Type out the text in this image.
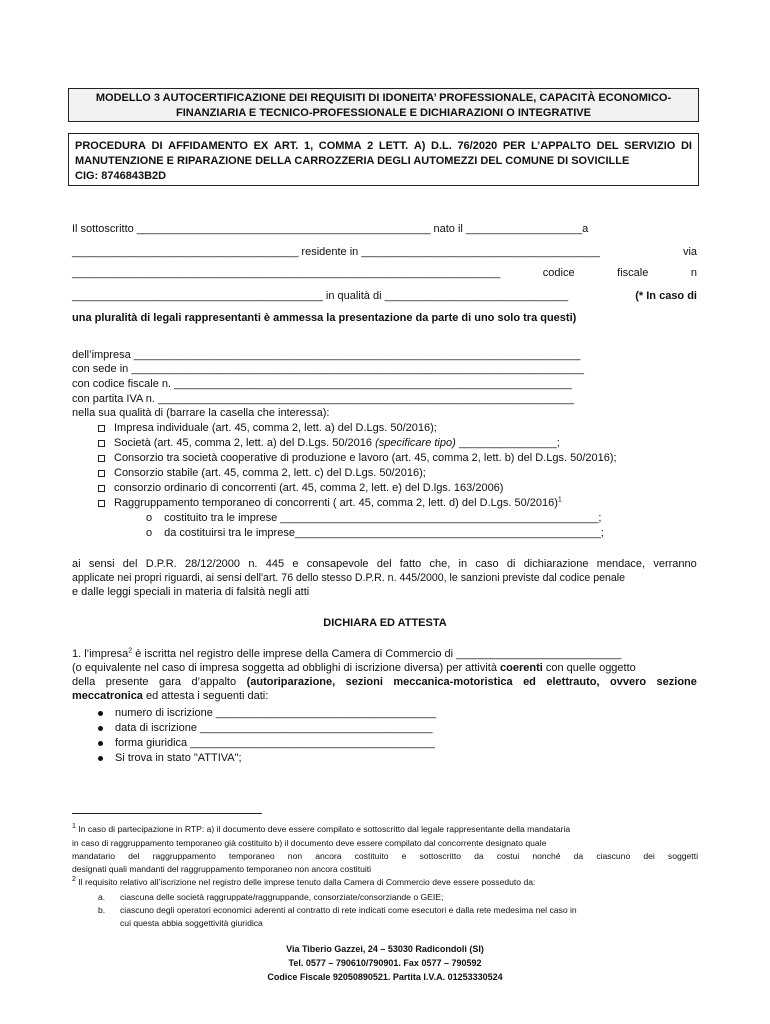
MODELLO 3 AUTOCERTIFICAZIONE DEI REQUISITI DI IDONEITA’ PROFESSIONALE, CAPACITÀ ECONOMICO-
FINANZIARIA E TECNICO-PROFESSIONALE E DICHIARAZIONI O INTEGRATIVE
PROCEDURA DI AFFIDAMENTO EX ART. 1, COMMA 2 LETT. A) D.L. 76/2020 PER L’APPALTO DEL SERVIZIO DI
MANUTENZIONE E RIPARAZIONE DELLA CARROZZERIA DEGLI AUTOMEZZI DEL COMUNE DI SOVICILLE
CIG: 8746843B2D
Il sottoscritto ________________________________________________ nato il ___________________a
_____________________________________ residente in _______________________________________	via
______________________________________________________________________	codice	fiscale	n
_________________________________________ in qualità di ______________________________	(* In caso di
una pluralità di legali rappresentanti è ammessa la presentazione da parte di uno solo tra questi)
dell’impresa _________________________________________________________________________
con sede in __________________________________________________________________________
con codice fiscale n. _________________________________________________________________
con partita IVA n. ____________________________________________________________________
nella sua qualità di (barrare la casella che interessa):
Impresa individuale (art. 45, comma 2, lett. a) del D.Lgs. 50/2016);
Società (art. 45, comma 2, lett. a) del D.Lgs. 50/2016 (specificare tipo) ________________;
Consorzio tra società cooperative di produzione e lavoro (art. 45, comma 2, lett. b) del D.Lgs. 50/2016);
Consorzio stabile (art. 45, comma 2, lett. c) del D.Lgs. 50/2016);
consorzio ordinario di concorrenti (art. 45, comma 2, lett. e) del D.lgs. 163/2006)
Raggruppamento temporaneo di concorrenti ( art. 45, comma 2, lett. d) del D.Lgs. 50/2016)$^1$
o costituito tra le imprese ____________________________________________________;
o da costituirsi tra le imprese__________________________________________________;
ai sensi del D.P.R. 28/12/2000 n. 445 e consapevole del fatto che, in caso di dichiarazione mendace, verranno
applicate nei propri riguardi, ai sensi dell'art. 76 dello stesso D.P.R. n. 445/2000, le sanzioni previste dal codice penale
e dalle leggi speciali in materia di falsità negli atti
DICHIARA ED ATTESTA
1. l’impresa$^2$ è iscritta nel registro delle imprese della Camera di Commercio di ___________________________
(o equivalente nel caso di impresa soggetta ad obblighi di iscrizione diversa) per attività coerenti con quelle oggetto
della presente gara d’appalto (autoriparazione, sezioni meccanica-motoristica ed elettrauto, ovvero sezione
meccatronica ed attesta i seguenti dati:
numero di iscrizione ____________________________________
data di iscrizione ______________________________________
forma giuridica ________________________________________
Si trova in stato "ATTIVA";
$^1$ In caso di partecipazione in RTP: a) il documento deve essere compilato e sottoscritto dal legale rappresentante della mandataria
in caso di raggruppamento temporaneo già costituito b) il documento deve essere compilato dal concorrente designato quale
mandatario del raggruppamento temporaneo non ancora costituito e sottoscritto da costui nonché da ciascuno dei soggetti
designati quali mandanti del raggruppamento temporaneo non ancora costituiti
$^2$ Il requisito relativo all’iscrizione nel registro delle imprese tenuto dalla Camera di Commercio deve essere posseduto da:
a. ciascuna delle società raggruppate/raggruppande, consorziate/consorziande o GEIE;
b. ciascuno degli operatori economici aderenti al contratto di rete indicati come esecutori e dalla rete medesima nel caso in
cui questa abbia soggettività giuridica
Via Tiberio Gazzei, 24 – 53030 Radicondoli (SI)
Tel. 0577 – 790610/790901. Fax 0577 – 790592
Codice Fiscale 92050890521. Partita I.V.A. 01253330524
